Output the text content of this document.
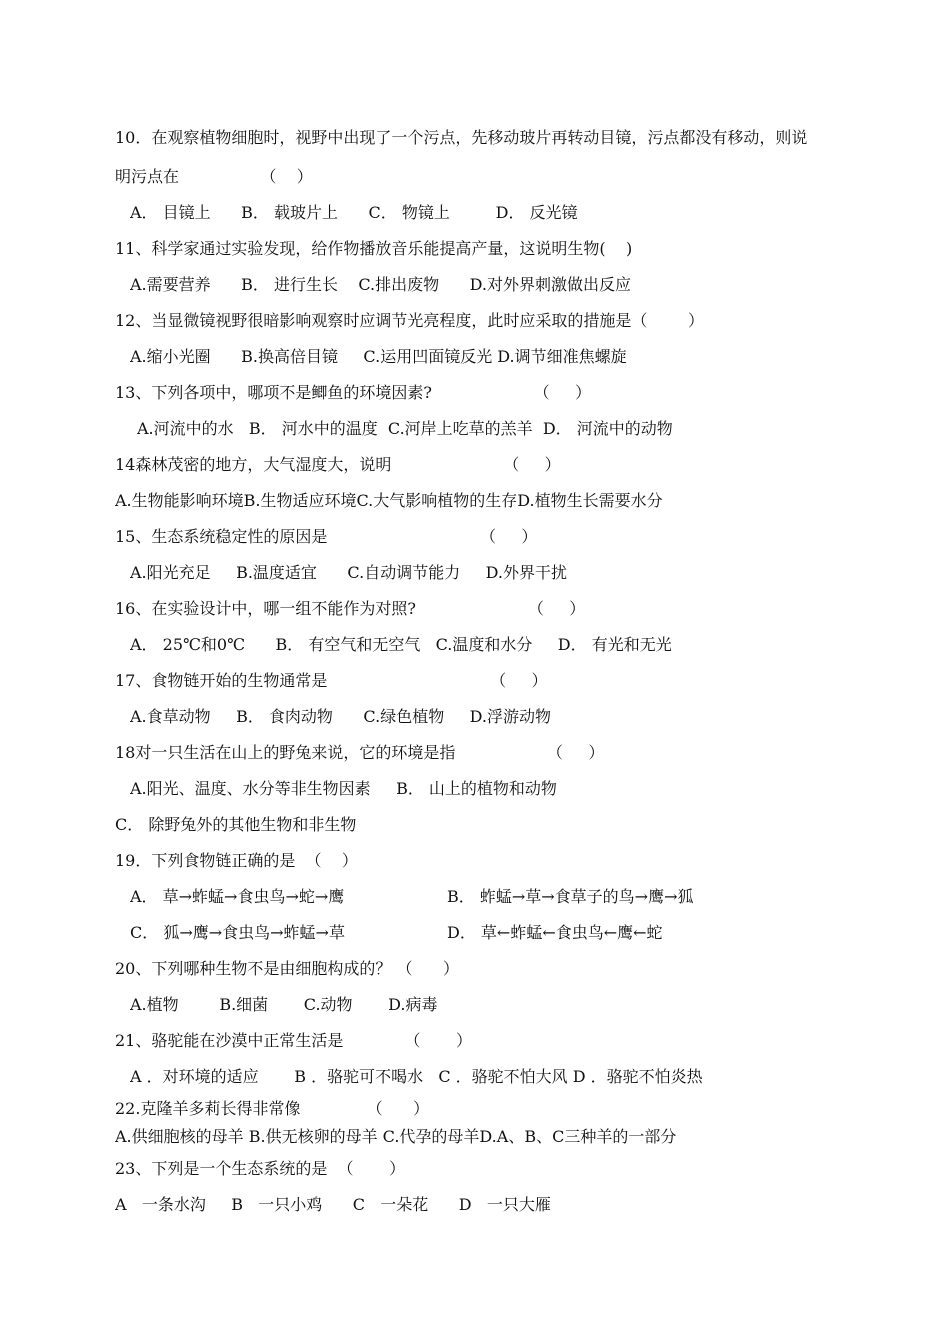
10．在观察植物细胞时，视野中出现了一个污点，先移动玻片再转动目镜，污点都没有移动，则说
明污点在                （    ）
A． 目镜上      B． 载玻片上      C． 物镜上         D． 反光镜
11、科学家通过实验发现，给作物播放音乐能提高产量，这说明生物(    )
A.需要营养      B． 进行生长    C.排出废物      D.对外界刺激做出反应
12、当显微镜视野很暗影响观察时应调节光亮程度，此时应采取的措施是（        ）
A.缩小光圈      B.换高倍目镜     C.运用凹面镜反光 D.调节细准焦螺旋
13、下列各项中，哪项不是鲫鱼的环境因素?                    （     ）
A.河流中的水   B． 河水中的温度  C.河岸上吃草的羔羊  D． 河流中的动物
14森林茂密的地方，大气湿度大，说明                      （     ）
A.生物能影响环境B.生物适应环境C.大气影响植物的生存D.植物生长需要水分
15、生态系统稳定性的原因是                              （     ）
A.阳光充足     B.温度适宜      C.自动调节能力     D.外界干扰
16、在实验设计中，哪一组不能作为对照?                      （     ）
A． 25℃和0℃      B． 有空气和无空气   C.温度和水分     D． 有光和无光
17、食物链开始的生物通常是                                （     ）
A.食草动物     B． 食肉动物      C.绿色植物     D.浮游动物
18对一只生活在山上的野兔来说，它的环境是指                  （     ）
A.阳光、温度、水分等非生物因素     B． 山上的植物和动物
C． 除野兔外的其他生物和非生物
19．下列食物链正确的是  （    ）
A． 草→蚱蜢→食虫鸟→蛇→鹰	B． 蚱蜢→草→食草子的鸟→鹰→狐
C． 狐→鹰→食虫鸟→蚱蜢→草	D． 草←蚱蜢←食虫鸟←鹰←蛇
20、下列哪种生物不是由细胞构成的？ （      ）
A.植物        B.细菌       C.动物       D.病毒
21、骆驼能在沙漠中正常生活是            （       ）
A ．对环境的适应       B ．骆驼可不喝水   C ．骆驼不怕大风 D ．骆驼不怕炎热
22.克隆羊多莉长得非常像             （      ）
A.供细胞核的母羊 B.供无核卵的母羊 C.代孕的母羊D.A、B、C三种羊的一部分
23、下列是一个生态系统的是  （       ）
A   一条水沟     B   一只小鸡      C   一朵花      D   一只大雁
